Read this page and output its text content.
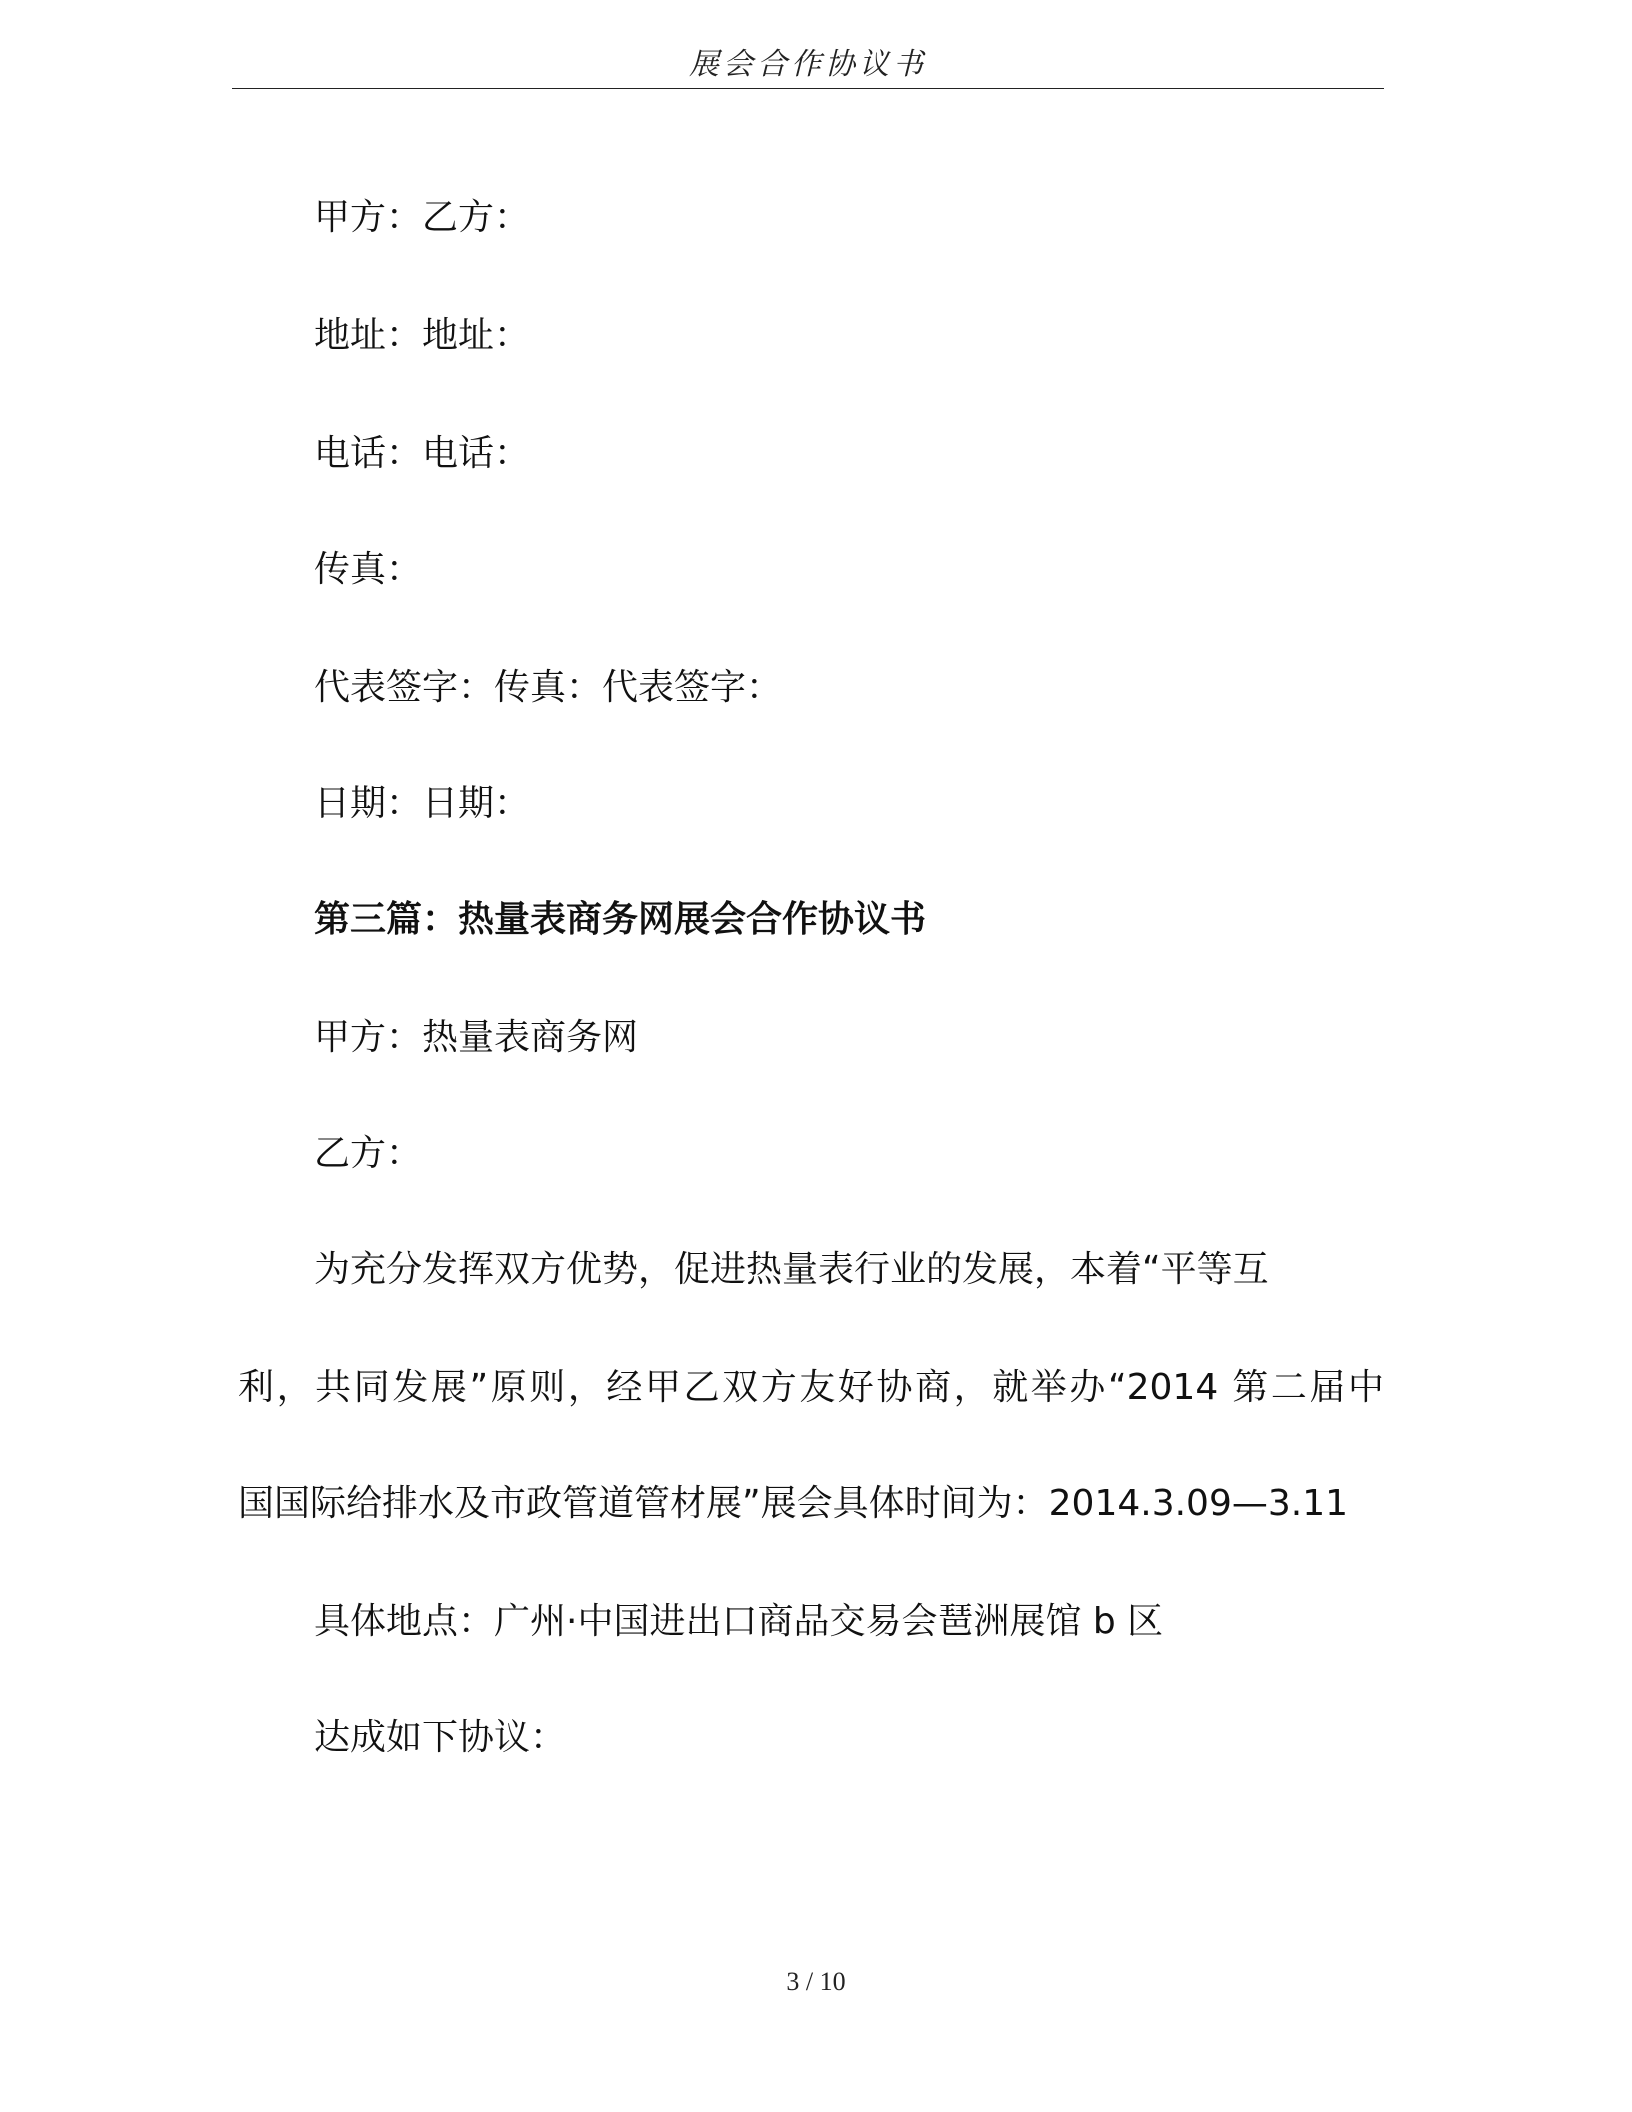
展会合作协议书
甲方：乙方：
地址：地址：
电话：电话：
传真：
代表签字：传真：代表签字：
日期：日期：
第三篇：热量表商务网展会合作协议书
甲方：热量表商务网
乙方：
为充分发挥双方优势，促进热量表行业的发展，本着“平等互
利，共同发展”原则，经甲乙双方友好协商，就举办“2014 第二届中
国国际给排水及市政管道管材展”展会具体时间为：2014.3.09—3.11
具体地点：广州·中国进出口商品交易会琶洲展馆 b 区
达成如下协议：
3 / 10
